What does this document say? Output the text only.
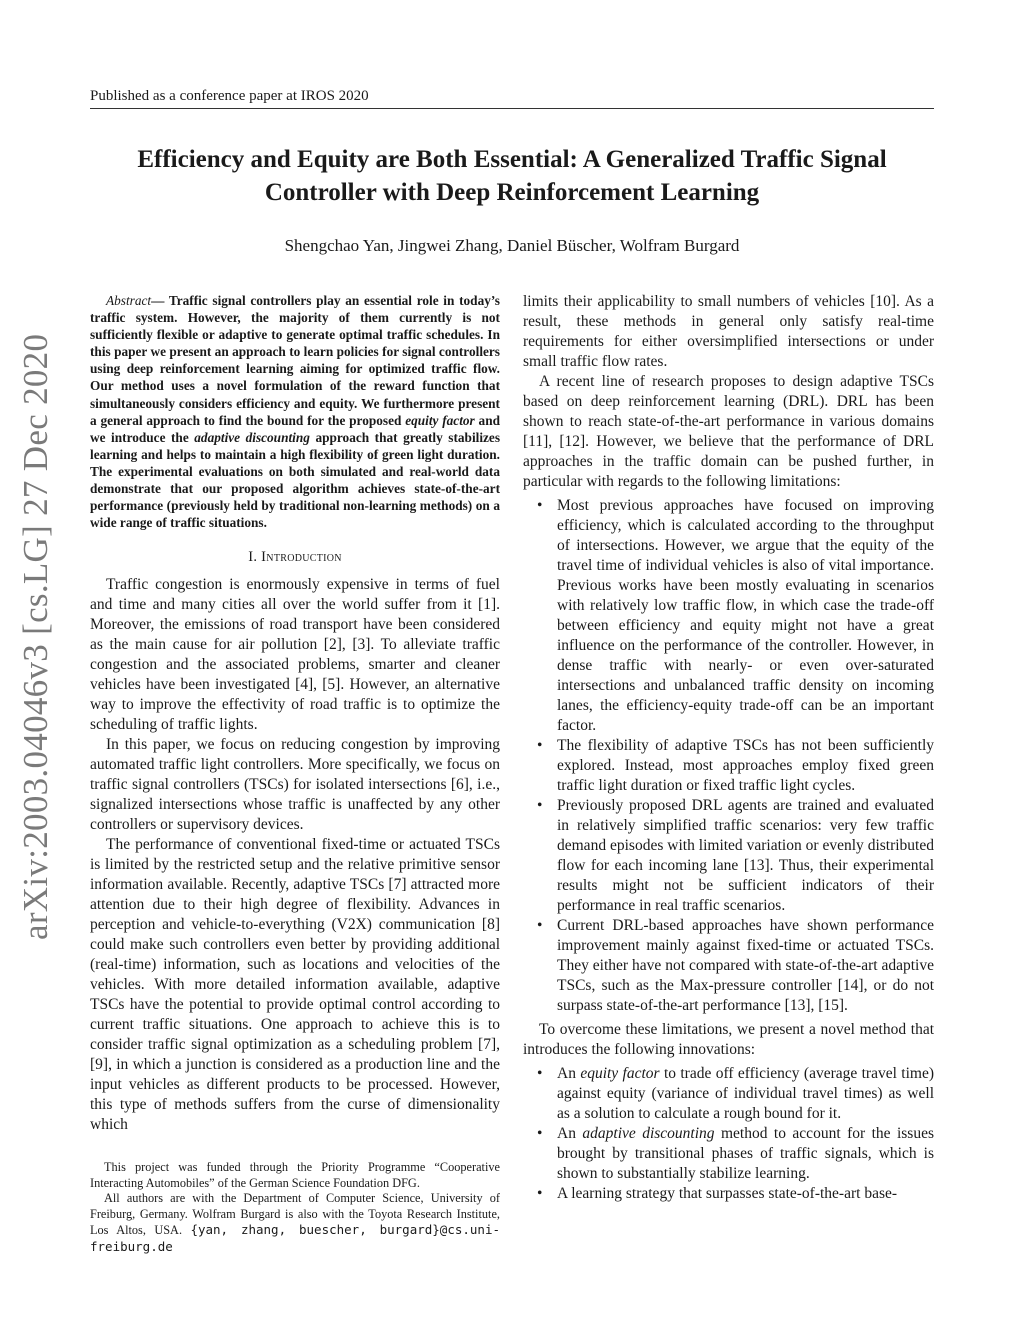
Published as a conference paper at IROS 2020
arXiv:2003.04046v3 [cs.LG] 27 Dec 2020
Efficiency and Equity are Both Essential: A Generalized Traffic Signal
Controller with Deep Reinforcement Learning
Shengchao Yan, Jingwei Zhang, Daniel Büscher, Wolfram Burgard

Abstract— Traffic signal controllers play an essential role in today’s traffic system. However, the majority of them currently is not sufficiently flexible or adaptive to generate optimal traffic schedules. In this paper we present an approach to learn policies for signal controllers using deep reinforcement learning aiming for optimized traffic flow. Our method uses a novel formulation of the reward function that simultaneously considers efficiency and equity. We furthermore present a general approach to find the bound for the proposed equity factor and we introduce the adaptive discounting approach that greatly stabilizes learning and helps to maintain a high flexibility of green light duration. The experimental evaluations on both simulated and real-world data demonstrate that our proposed algorithm achieves state-of-the-art performance (previously held by traditional non-learning methods) on a wide range of traffic situations.

I. Introduction

Traffic congestion is enormously expensive in terms of fuel and time and many cities all over the world suffer from it [1]. Moreover, the emissions of road transport have been considered as the main cause for air pollution [2], [3]. To alleviate traffic congestion and the associated problems, smarter and cleaner vehicles have been investigated [4], [5]. However, an alternative way to improve the effectivity of road traffic is to optimize the scheduling of traffic lights.

In this paper, we focus on reducing congestion by improving automated traffic light controllers. More specifically, we focus on traffic signal controllers (TSCs) for isolated intersections [6], i.e., signalized intersections whose traffic is unaffected by any other controllers or supervisory devices.

The performance of conventional fixed-time or actuated TSCs is limited by the restricted setup and the relative primitive sensor information available. Recently, adaptive TSCs [7] attracted more attention due to their high degree of flexibility. Advances in perception and vehicle-to-everything (V2X) communication [8] could make such controllers even better by providing additional (real-time) information, such as locations and velocities of the vehicles. With more detailed information available, adaptive TSCs have the potential to provide optimal control according to current traffic situations. One approach to achieve this is to consider traffic signal optimization as a scheduling problem [7], [9], in which a junction is considered as a production line and the input vehicles as different products to be processed. However, this type of methods suffers from the curse of dimensionality which

This project was funded through the Priority Programme “Cooperative Interacting Automobiles” of the German Science Foundation DFG.

All authors are with the Department of Computer Science, University of Freiburg, Germany. Wolfram Burgard is also with the Toyota Research Institute, Los Altos, USA. {yan, zhang, buescher, burgard}@cs.uni-freiburg.de

limits their applicability to small numbers of vehicles [10]. As a result, these methods in general only satisfy real-time requirements for either oversimplified intersections or under small traffic flow rates.

A recent line of research proposes to design adaptive TSCs based on deep reinforcement learning (DRL). DRL has been shown to reach state-of-the-art performance in various domains [11], [12]. However, we believe that the performance of DRL approaches in the traffic domain can be pushed further, in particular with regards to the following limitations:

• Most previous approaches have focused on improving efficiency, which is calculated according to the throughput of intersections. However, we argue that the equity of the travel time of individual vehicles is also of vital importance. Previous works have been mostly evaluating in scenarios with relatively low traffic flow, in which case the trade-off between efficiency and equity might not have a great influence on the performance of the controller. However, in dense traffic with nearly- or even over-saturated intersections and unbalanced traffic density on incoming lanes, the efficiency-equity trade-off can be an important factor.
• The flexibility of adaptive TSCs has not been sufficiently explored. Instead, most approaches employ fixed green traffic light duration or fixed traffic light cycles.
• Previously proposed DRL agents are trained and evaluated in relatively simplified traffic scenarios: very few traffic demand episodes with limited variation or evenly distributed flow for each incoming lane [13]. Thus, their experimental results might not be sufficient indicators of their performance in real traffic scenarios.
• Current DRL-based approaches have shown performance improvement mainly against fixed-time or actuated TSCs. They either have not compared with state-of-the-art adaptive TSCs, such as the Max-pressure controller [14], or do not surpass state-of-the-art performance [13], [15].

To overcome these limitations, we present a novel method that introduces the following innovations:

• An equity factor to trade off efficiency (average travel time) against equity (variance of individual travel times) as well as a solution to calculate a rough bound for it.
• An adaptive discounting method to account for the issues brought by transitional phases of traffic signals, which is shown to substantially stabilize learning.
• A learning strategy that surpasses state-of-the-art base-
